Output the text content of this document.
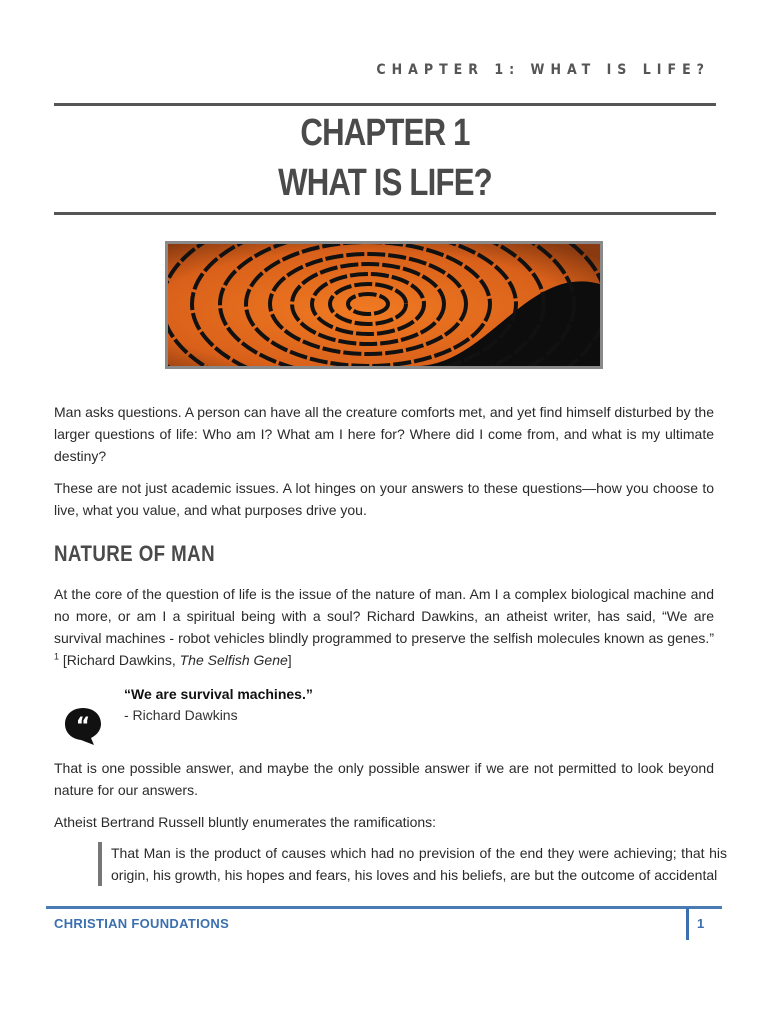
CHAPTER 1: WHAT IS LIFE?
CHAPTER 1
WHAT IS LIFE?
Man asks questions. A person can have all the creature comforts met, and yet find himself disturbed by the larger questions of life: Who am I? What am I here for? Where did I come from, and what is my ultimate destiny?
These are not just academic issues. A lot hinges on your answers to these questions—how you choose to live, what you value, and what purposes drive you.
NATURE OF MAN
At the core of the question of life is the issue of the nature of man. Am I a complex biological machine and no more, or am I a spiritual being with a soul? Richard Dawkins, an atheist writer, has said, “We are survival machines - robot vehicles blindly programmed to preserve the selfish molecules known as genes.” $^1$ [Richard Dawkins, The Selfish Gene]
“
“We are survival machines.”
- Richard Dawkins
That is one possible answer, and maybe the only possible answer if we are not permitted to look beyond nature for our answers.
Atheist Bertrand Russell bluntly enumerates the ramifications:
That Man is the product of causes which had no prevision of the end they were achieving; that his origin, his growth, his hopes and fears, his loves and his beliefs, are but the outcome of accidental
CHRISTIAN FOUNDATIONS	1
